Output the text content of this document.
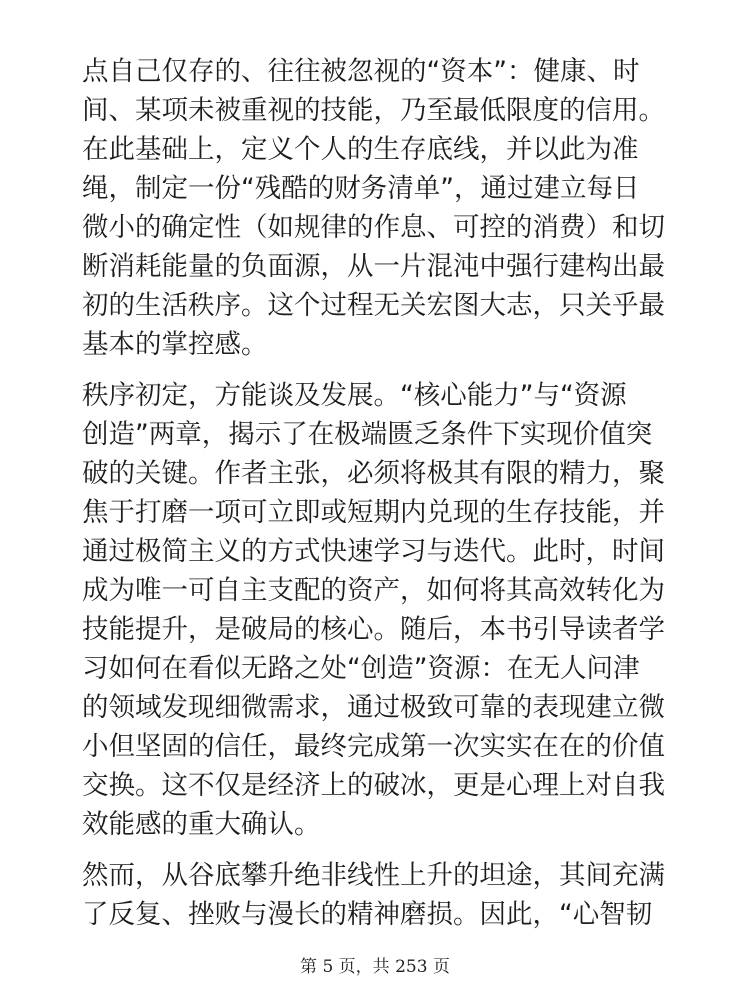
点自己仅存的、往往被忽视的“资本”：健康、时
间、某项未被重视的技能，乃至最低限度的信用。
在此基础上，定义个人的生存底线，并以此为准
绳，制定一份“残酷的财务清单”，通过建立每日
微小的确定性（如规律的作息、可控的消费）和切
断消耗能量的负面源，从一片混沌中强行建构出最
初的生活秩序。这个过程无关宏图大志，只关乎最
基本的掌控感。

秩序初定，方能谈及发展。“核心能力”与“资源
创造”两章，揭示了在极端匮乏条件下实现价值突
破的关键。作者主张，必须将极其有限的精力，聚
焦于打磨一项可立即或短期内兑现的生存技能，并
通过极简主义的方式快速学习与迭代。此时，时间
成为唯一可自主支配的资产，如何将其高效转化为
技能提升，是破局的核心。随后，本书引导读者学
习如何在看似无路之处“创造”资源：在无人问津
的领域发现细微需求，通过极致可靠的表现建立微
小但坚固的信任，最终完成第一次实实在在的价值
交换。这不仅是经济上的破冰，更是心理上对自我
效能感的重大确认。

然而，从谷底攀升绝非线性上升的坦途，其间充满
了反复、挫败与漫长的精神磨损。因此，“心智韧

第 5 页，共 253 页
